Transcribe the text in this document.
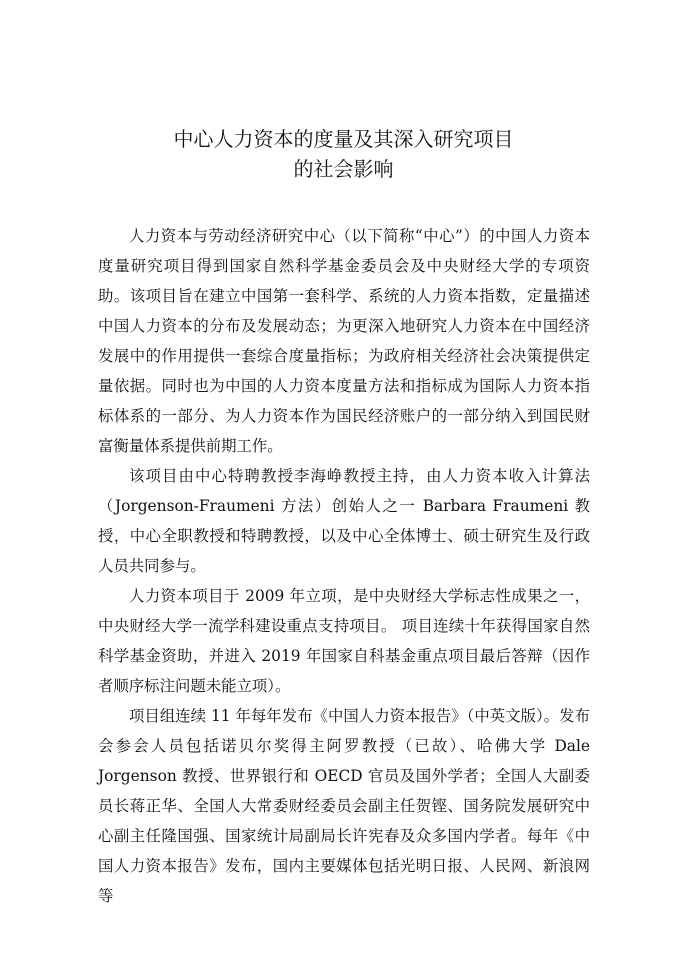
中心人力资本的度量及其深入研究项目
的社会影响

人力资本与劳动经济研究中心（以下简称“中心”）的中国人力资本度量研究项目得到国家自然科学基金委员会及中央财经大学的专项资助。该项目旨在建立中国第一套科学、系统的人力资本指数，定量描述中国人力资本的分布及发展动态；为更深入地研究人力资本在中国经济发展中的作用提供一套综合度量指标；为政府相关经济社会决策提供定量依据。同时也为中国的人力资本度量方法和指标成为国际人力资本指标体系的一部分、为人力资本作为国民经济账户的一部分纳入到国民财富衡量体系提供前期工作。

该项目由中心特聘教授李海峥教授主持，由人力资本收入计算法（Jorgenson-Fraumeni 方法）创始人之一 Barbara Fraumeni 教授，中心全职教授和特聘教授，以及中心全体博士、硕士研究生及行政人员共同参与。

人力资本项目于 2009 年立项，是中央财经大学标志性成果之一，中央财经大学一流学科建设重点支持项目。 项目连续十年获得国家自然科学基金资助，并进入 2019 年国家自科基金重点项目最后答辩（因作者顺序标注问题未能立项）。

项目组连续 11 年每年发布《中国人力资本报告》（中英文版）。发布会参会人员包括诺贝尔奖得主阿罗教授（已故）、哈佛大学 Dale Jorgenson 教授、世界银行和 OECD 官员及国外学者；全国人大副委员长蒋正华、全国人大常委财经委员会副主任贺铿、国务院发展研究中心副主任隆国强、国家统计局副局长许宪春及众多国内学者。每年《中国人力资本报告》发布，国内主要媒体包括光明日报、人民网、新浪网等
